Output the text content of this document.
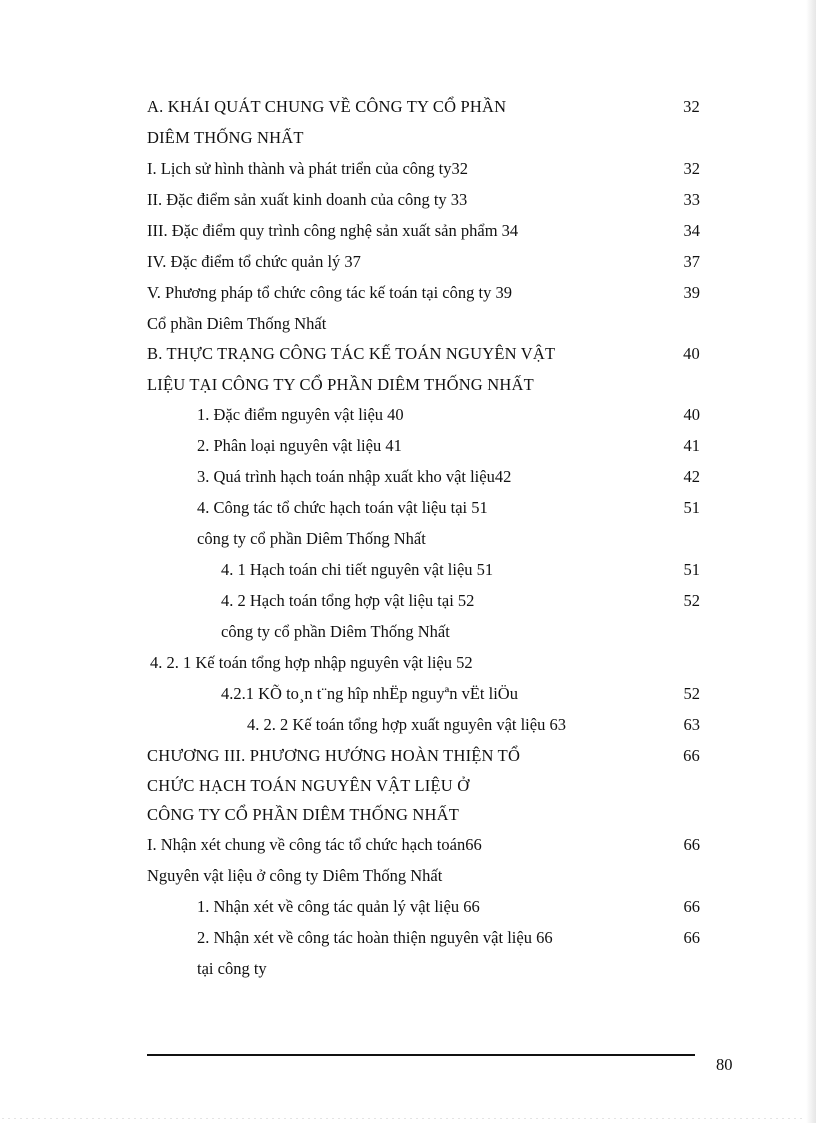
A. KHÁI QUÁT CHUNG VỀ CÔNG TY CỔ PHẦN	32
DIÊM THỐNG NHẤT
I. Lịch sử hình thành và phát triển của công ty32	32
II. Đặc điểm sản xuất kinh doanh của công ty 33	33
III. Đặc điểm quy trình công nghệ sản xuất sản phẩm 34	34
IV. Đặc điểm tổ chức quản lý 37	37
V. Phương pháp tổ chức công tác kế toán tại công ty 39	39
Cổ phần Diêm Thống Nhất
B. THỰC TRẠNG CÔNG TÁC KẾ TOÁN NGUYÊN VẬT	40
LIỆU TẠI CÔNG TY CỔ PHẦN DIÊM THỐNG NHẤT
1. Đặc điểm nguyên vật liệu 40	40
2. Phân loại nguyên vật liệu 41	41
3. Quá trình hạch toán nhập xuất kho vật liệu42	42
4. Công tác tổ chức hạch toán vật liệu tại 51	51
công ty cổ phần Diêm Thống Nhất
4. 1 Hạch toán chi tiết nguyên vật liệu 51	51
4. 2 Hạch toán tổng hợp vật liệu tại 52	52
công ty cổ phần Diêm Thống Nhất
4. 2. 1 Kế toán tổng hợp nhập nguyên vật liệu 52
4.2.1 KÕ to¸n t¨ng hîp nhËp nguyªn vËt liÖu	52
4. 2. 2 Kế toán tổng hợp xuất nguyên vật liệu 63	63
CHƯƠNG III. PHƯƠNG HƯỚNG HOÀN THIỆN TỔ	66
CHỨC HẠCH TOÁN NGUYÊN VẬT LIỆU Ở
CÔNG TY CỔ PHẦN DIÊM THỐNG NHẤT
I. Nhận xét chung về công tác tổ chức hạch toán66	66
Nguyên vật liệu ở công ty Diêm Thống Nhất
1. Nhận xét về công tác quản lý vật liệu 66	66
2. Nhận xét về công tác hoàn thiện nguyên vật liệu 66	66
tại công ty
80
